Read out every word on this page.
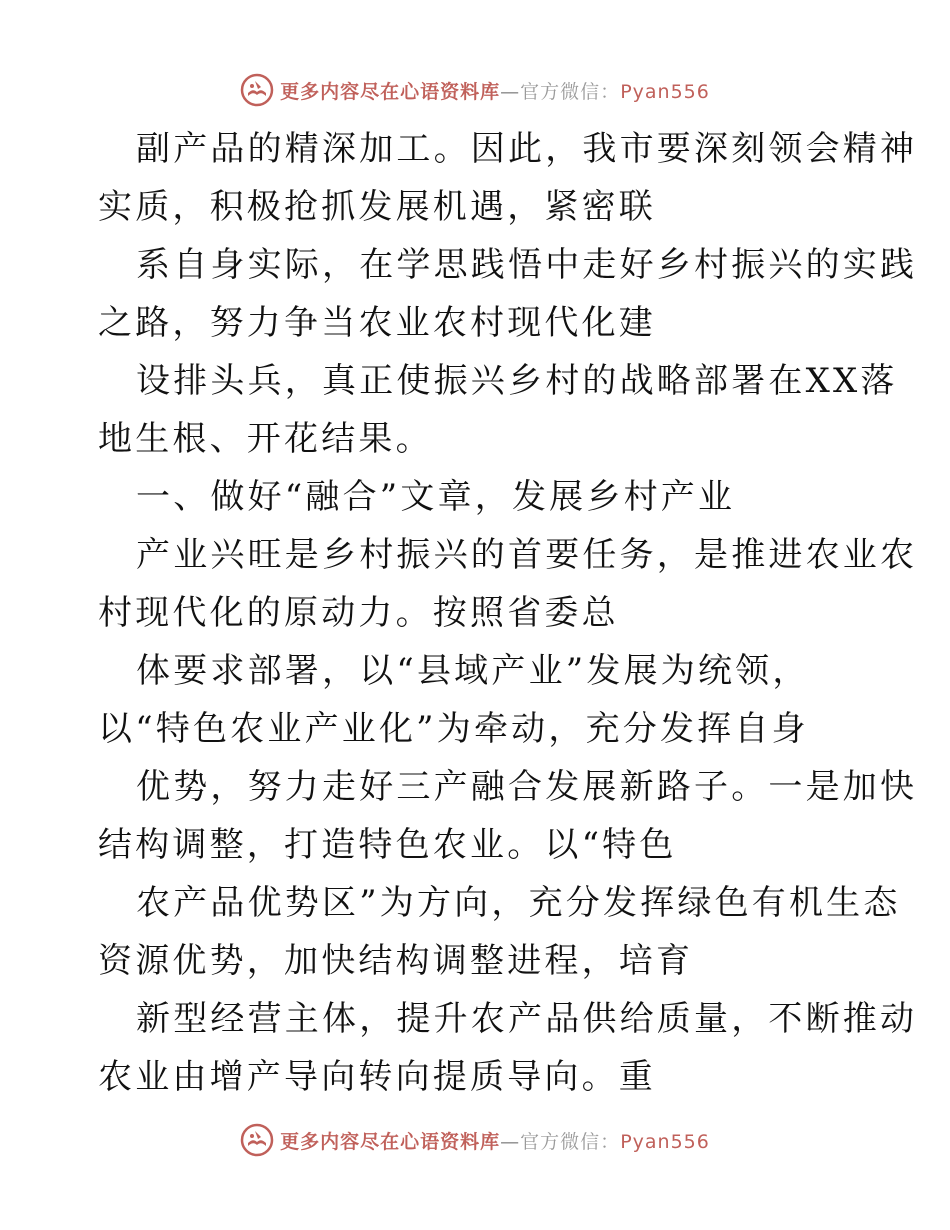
更多内容尽在心语资料库—官方微信：Pyan556
副产品的精深加工。因此，我市要深刻领会精神
实质，积极抢抓发展机遇，紧密联
系自身实际，在学思践悟中走好乡村振兴的实践
之路，努力争当农业农村现代化建
设排头兵，真正使振兴乡村的战略部署在XX落
地生根、开花结果。
一、做好“融合”文章，发展乡村产业
产业兴旺是乡村振兴的首要任务，是推进农业农
村现代化的原动力。按照省委总
体要求部署，以“县域产业”发展为统领，
以“特色农业产业化”为牵动，充分发挥自身
优势，努力走好三产融合发展新路子。一是加快
结构调整，打造特色农业。以“特色
农产品优势区”为方向，充分发挥绿色有机生态
资源优势，加快结构调整进程，培育
新型经营主体，提升农产品供给质量，不断推动
农业由增产导向转向提质导向。重
更多内容尽在心语资料库—官方微信：Pyan556
